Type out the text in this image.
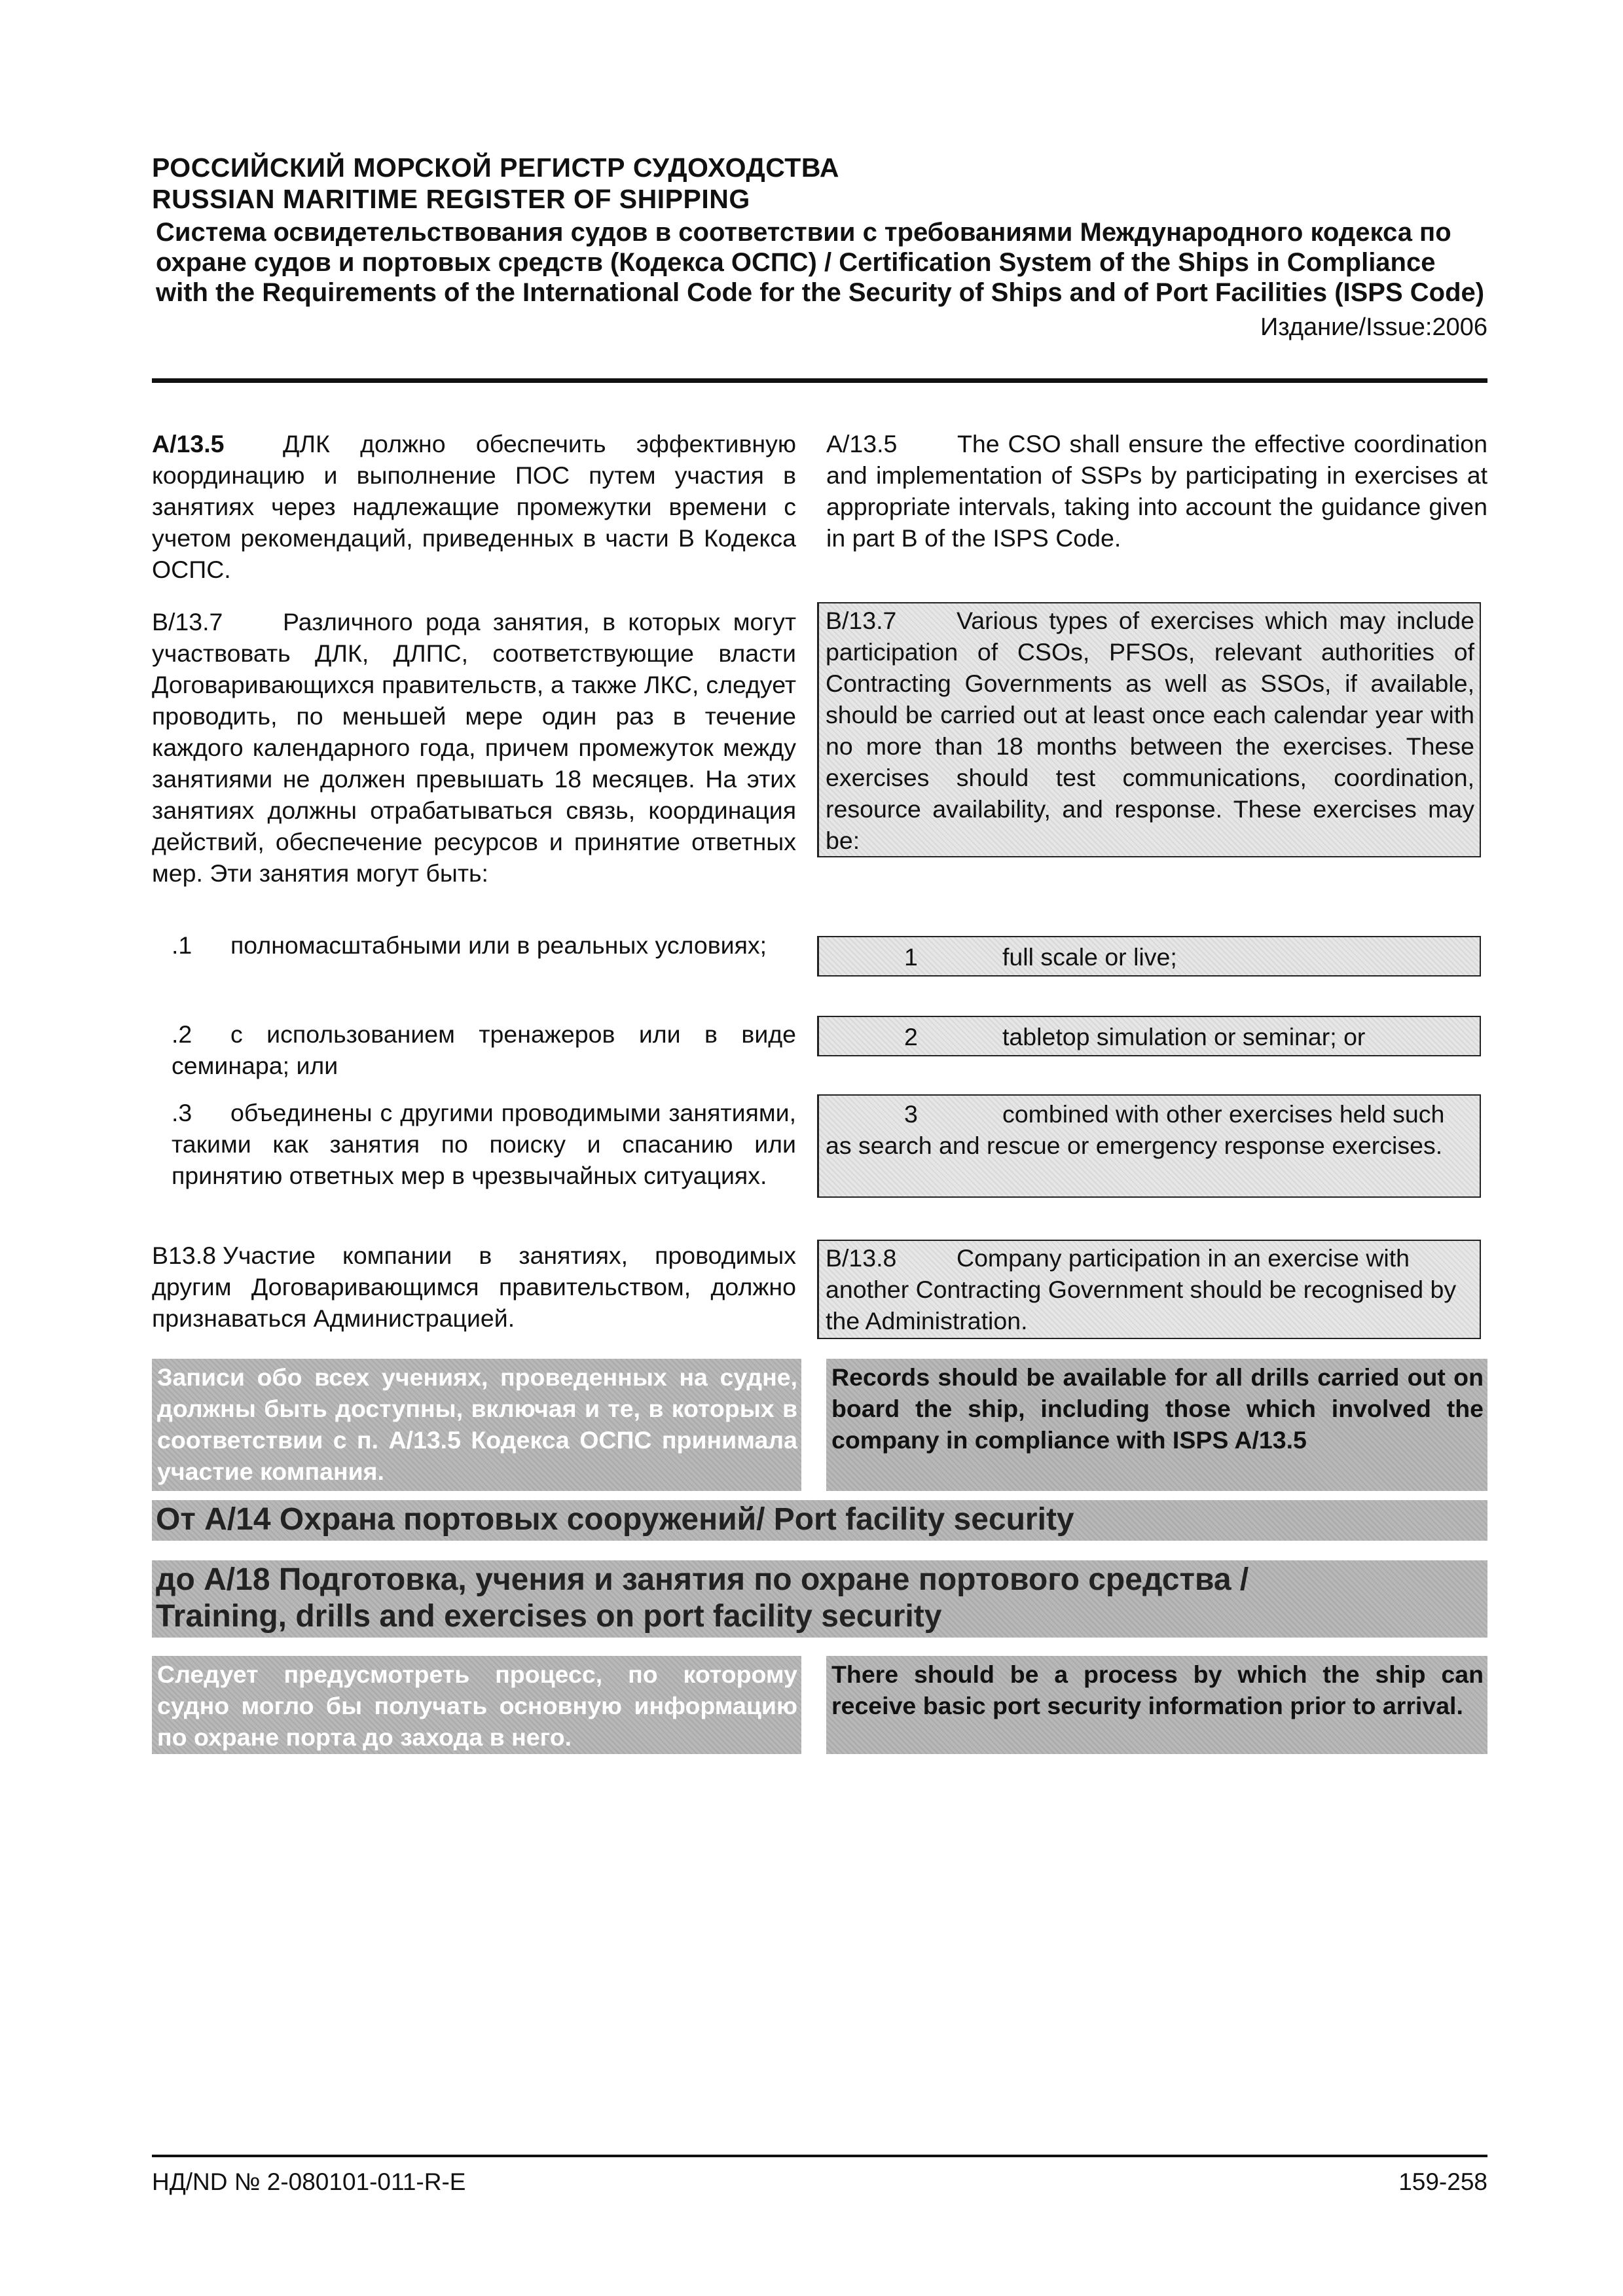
РОССИЙСКИЙ МОРСКОЙ РЕГИСТР СУДОХОДСТВА
RUSSIAN MARITIME REGISTER OF SHIPPING
Система освидетельствования судов в соответствии с требованиями Международного кодекса по охране судов и портовых средств (Кодекса ОСПС) / Certification System of the Ships in Compliance with the Requirements of the International Code for the Security of Ships and of Port Facilities (ISPS Code)
Издание/Issue:2006
А/13.5 ДЛК должно обеспечить эффективную координацию и выполнение ПОС путем участия в занятиях через надлежащие промежутки времени с учетом рекомендаций, приведенных в части В Кодекса ОСПС.
A/13.5 The CSO shall ensure the effective coordination and implementation of SSPs by participating in exercises at appropriate intervals, taking into account the guidance given in part B of the ISPS Code.
В/13.7 Различного рода занятия, в которых могут участвовать ДЛК, ДЛПС, соответствующие власти Договаривающихся правительств, а также ЛКС, следует проводить, по меньшей мере один раз в течение каждого календарного года, причем промежуток между занятиями не должен превышать 18 месяцев. На этих занятиях должны отрабатываться связь, координация действий, обеспечение ресурсов и принятие ответных мер. Эти занятия могут быть:
B/13.7 Various types of exercises which may include participation of CSOs, PFSOs, relevant authorities of Contracting Governments as well as SSOs, if available, should be carried out at least once each calendar year with no more than 18 months between the exercises. These exercises should test communications, coordination, resource availability, and response. These exercises may be:
.1 полномасштабными или в реальных условиях;	1	full scale or live;
.2 с использованием тренажеров или в виде семинара; или
2	tabletop simulation or seminar; or
.3 объединены с другими проводимыми занятиями, такими как занятия по поиску и спасанию или принятию ответных мер в чрезвычайных ситуациях.
3	combined with other exercises held such as search and rescue or emergency response exercises.
В13.8 Участие компании в занятиях, проводимых другим Договаривающимся правительством, должно признаваться Администрацией.
B/13.8 Company participation in an exercise with another Contracting Government should be recognised by the Administration.
Записи обо всех учениях, проведенных на судне, должны быть доступны, включая и те, в которых в соответствии с п. А/13.5 Кодекса ОСПС принимала участие компания.
Records should be available for all drills carried out on board the ship, including those which involved the company in compliance with ISPS A/13.5
От А/14 Охрана портовых сооружений/ Port facility security
до А/18 Подготовка, учения и занятия по охране портового средства /
Training, drills and exercises on port facility security
Следует предусмотреть процесс, по которому судно могло бы получать основную информацию по охране порта до захода в него.
There should be a process by which the ship can receive basic port security information prior to arrival.
НД/ND № 2-080101-011-R-E	159-258
